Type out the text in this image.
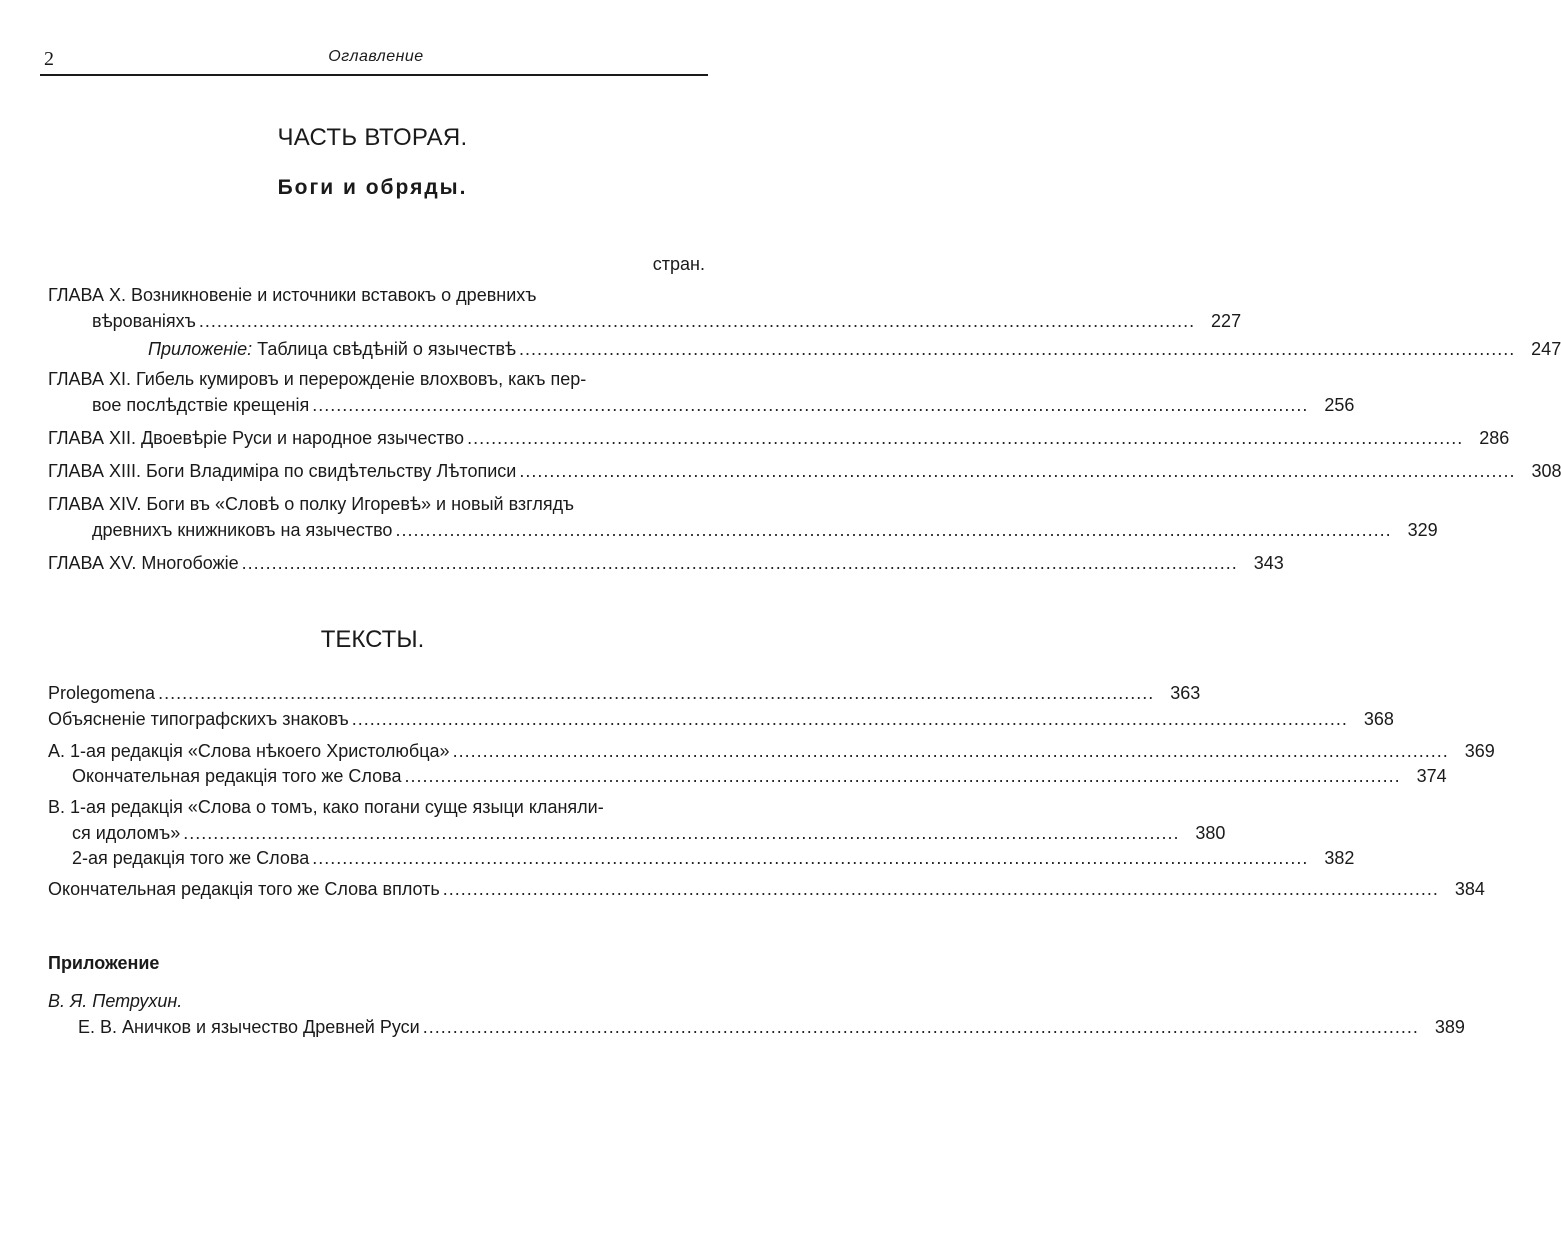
2	Оглавление
ЧАСТЬ ВТОРАЯ.
Боги и обряды.
стран.
ГЛАВА X. Возникновеніе и источники вставокъ о древнихъ
вѣрованіяхъ ...................................................................................................................................................................... 227
Приложеніе: Таблица свѣдѣній о язычествѣ ...................................................................................................................................................................... 247
ГЛАВА XI. Гибель кумировъ и перерожденіе влохвовъ, какъ пер-
вое послѣдствіе крещенія ...................................................................................................................................................................... 256
ГЛАВА XII. Двоевѣріе Руси и народное язычество ...................................................................................................................................................................... 286
ГЛАВА XIII. Боги Владиміра по свидѣтельству Лѣтописи ...................................................................................................................................................................... 308
ГЛАВА XIV. Боги въ «Словѣ о полку Игоревѣ» и новый взглядъ
древнихъ книжниковъ на язычество ...................................................................................................................................................................... 329
ГЛАВА XV. Многобожіе ...................................................................................................................................................................... 343
ТЕКСТЫ.
Prolegomena ...................................................................................................................................................................... 363
Объясненіе типографскихъ знаковъ ...................................................................................................................................................................... 368
А. 1-ая редакція «Слова нѣкоего Христолюбца» ...................................................................................................................................................................... 369
Окончательная редакція того же Слова ...................................................................................................................................................................... 374
В. 1-ая редакція «Слова о томъ, како погани суще языци кланяли-
ся идоломъ» ...................................................................................................................................................................... 380
2-ая редакція того же Слова ...................................................................................................................................................................... 382
Окончательная редакція того же Слова вплоть ...................................................................................................................................................................... 384
Приложение
В. Я. Петрухин.
Е. В. Аничков и язычество Древней Руси ...................................................................................................................................................................... 389
